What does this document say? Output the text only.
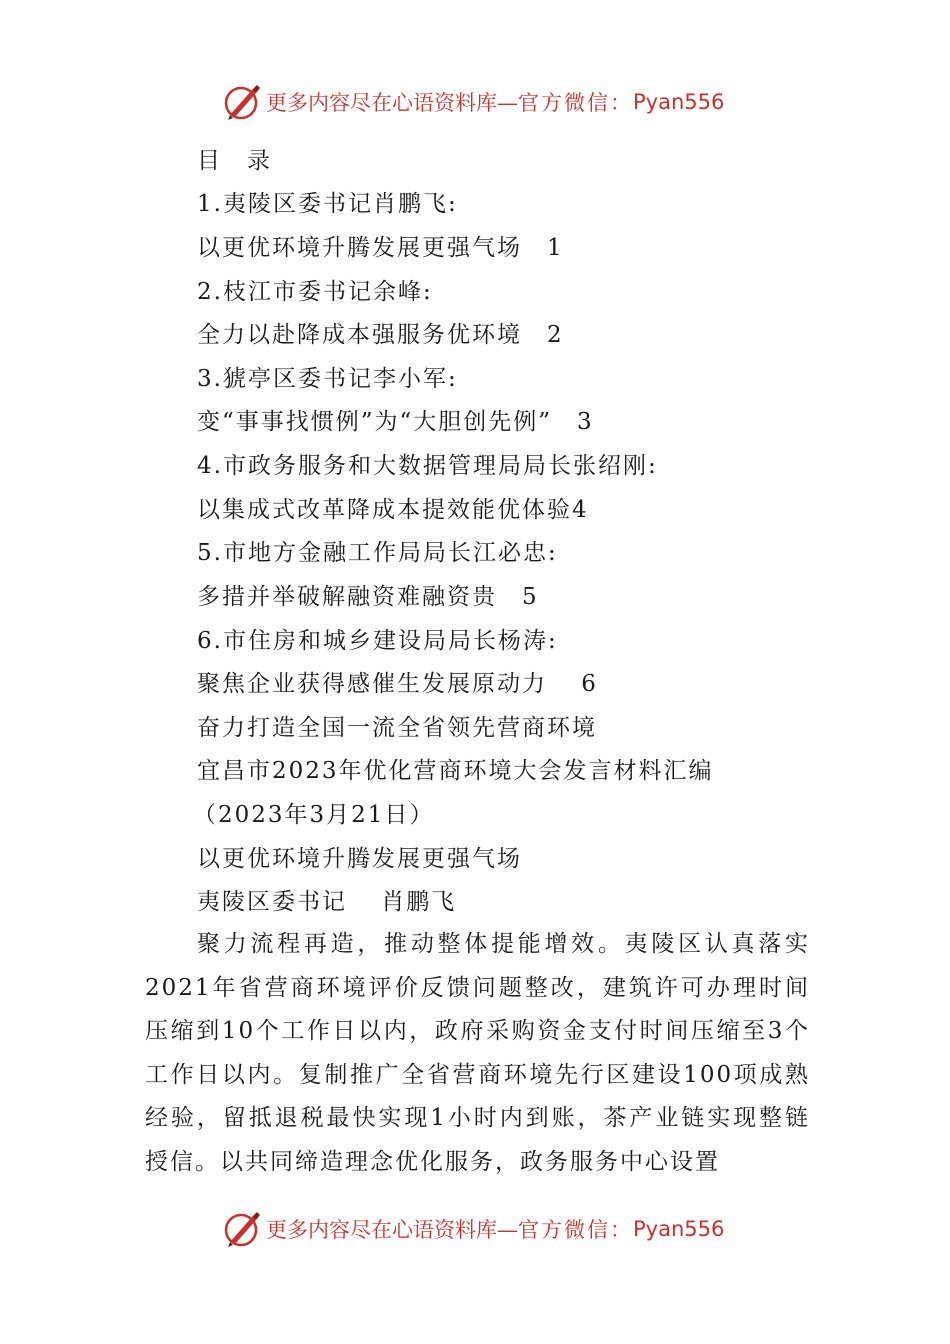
更多内容尽在心语资料库— 官方微信： Pyan556
目　录
1.夷陵区委书记肖鹏飞:
以更优环境升腾发展更强气场　1
2.枝江市委书记余峰:
全力以赴降成本强服务优环境　2
3.猇亭区委书记李小军:
变“事事找惯例”为“大胆创先例”　3
4.市政务服务和大数据管理局局长张绍刚:
以集成式改革降成本提效能优体验4
5.市地方金融工作局局长江必忠:
多措并举破解融资难融资贵　5
6.市住房和城乡建设局局长杨涛:
聚焦企业获得感催生发展原动力　 6
奋力打造全国一流全省领先营商环境
宜昌市2023年优化营商环境大会发言材料汇编
（2023年3月21日）
以更优环境升腾发展更强气场
夷陵区委书记　 肖鹏飞
聚力流程再造，推动整体提能增效。夷陵区认真落实2021年省营商环境评价反馈问题整改，建筑许可办理时间压缩到10个工作日以内，政府采购资金支付时间压缩至3个工作日以内。复制推广全省营商环境先行区建设100项成熟经验，留抵退税最快实现1小时内到账，茶产业链实现整链授信。以共同缔造理念优化服务，政务服务中心设置
更多内容尽在心语资料库— 官方微信： Pyan556
